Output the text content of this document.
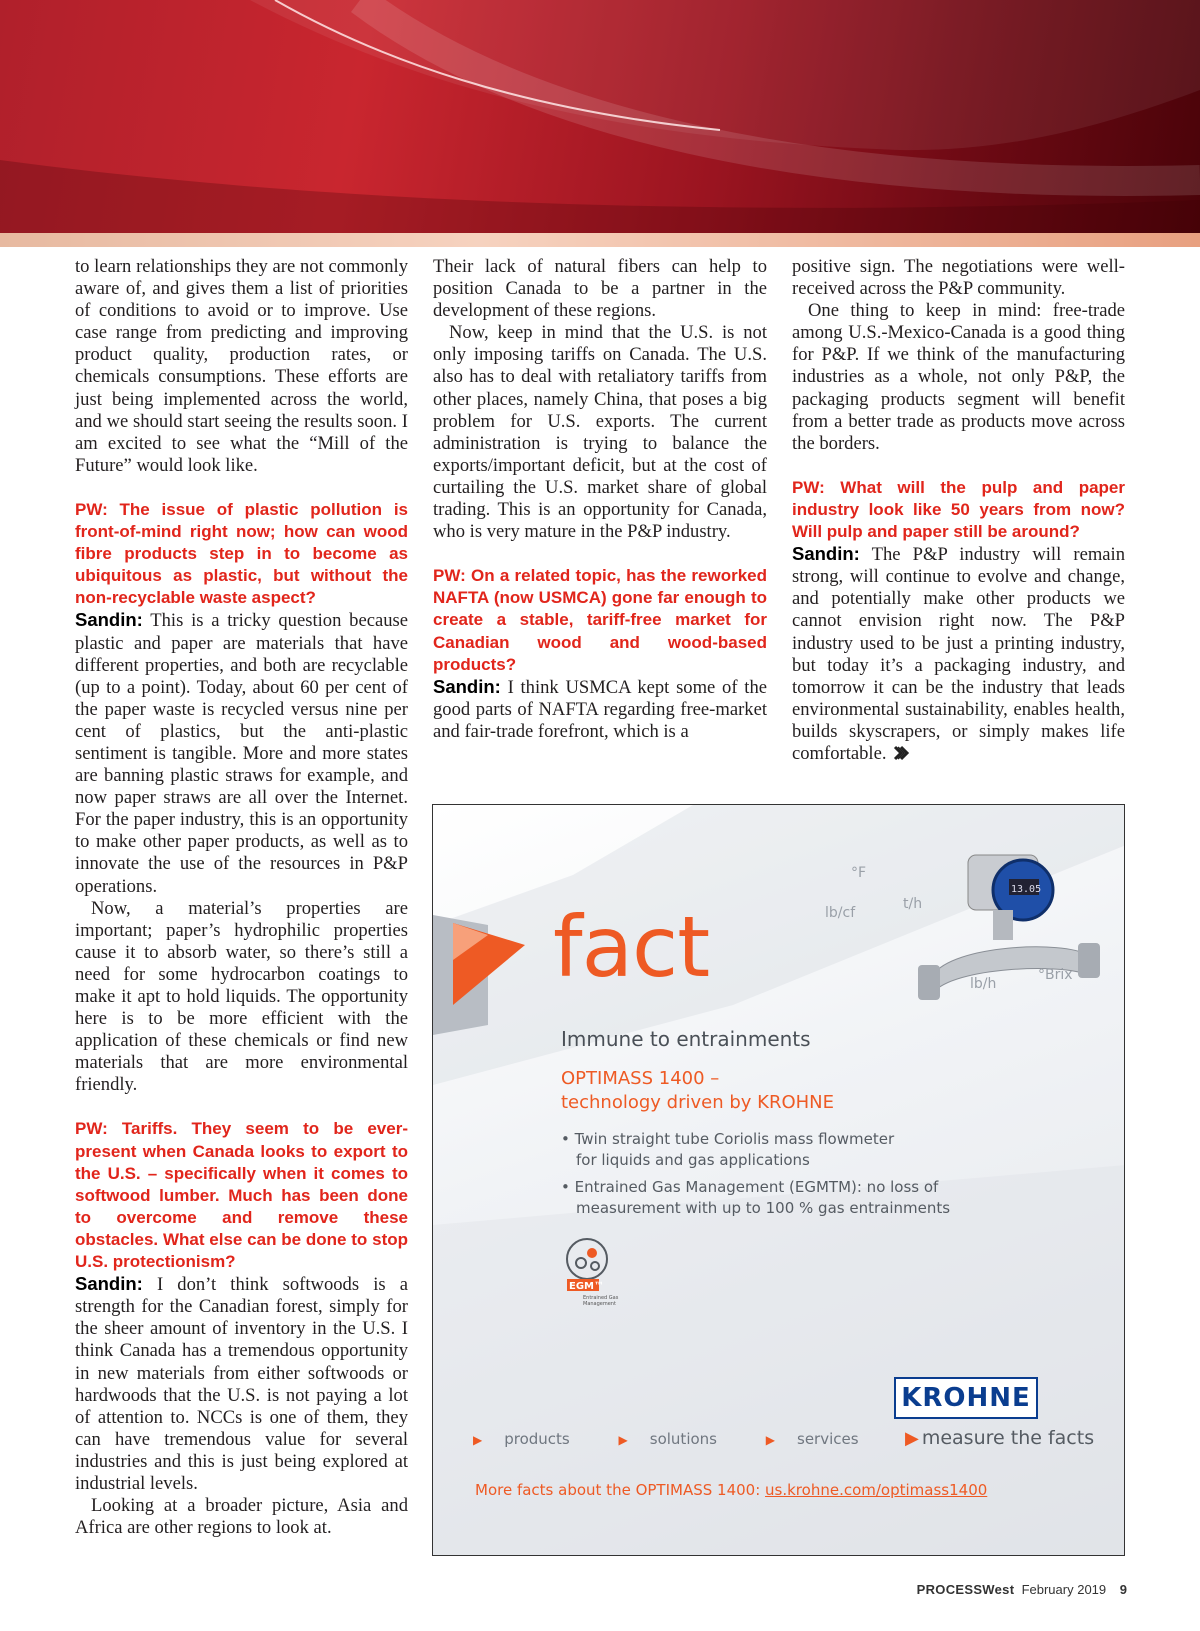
to learn relationships they are not commonly aware of, and gives them a list of priorities of conditions to avoid or to improve. Use case range from predicting and improving product quality, production rates, or chemicals consumptions. These efforts are just being implemented across the world, and we should start seeing the results soon. I am excited to see what the “Mill of the Future” would look like.

PW: The issue of plastic pollution is front-of-mind right now; how can wood fibre products step in to become as ubiquitous as plastic, but without the non-recyclable waste aspect?

Sandin: This is a tricky question because plastic and paper are materials that have different properties, and both are recyclable (up to a point). Today, about 60 per cent of the paper waste is recycled versus nine per cent of plastics, but the anti-plastic sentiment is tangible. More and more states are banning plastic straws for example, and now paper straws are all over the Internet. For the paper industry, this is an opportunity to make other paper products, as well as to innovate the use of the resources in P&P operations.

Now, a material’s properties are important; paper’s hydrophilic properties cause it to absorb water, so there’s still a need for some hydrocarbon coatings to make it apt to hold liquids. The opportunity here is to be more efficient with the application of these chemicals or find new materials that are more environmental friendly.

PW: Tariffs. They seem to be ever-present when Canada looks to export to the U.S. – specifically when it comes to softwood lumber. Much has been done to overcome and remove these obstacles. What else can be done to stop U.S. protectionism?

Sandin: I don’t think softwoods is a strength for the Canadian forest, simply for the sheer amount of inventory in the U.S. I think Canada has a tremendous opportunity in new materials from either softwoods or hardwoods that the U.S. is not paying a lot of attention to. NCCs is one of them, they can have tremendous value for several industries and this is just being explored at industrial levels.

Looking at a broader picture, Asia and Africa are other regions to look at.

Their lack of natural fibers can help to position Canada to be a partner in the development of these regions.

Now, keep in mind that the U.S. is not only imposing tariffs on Canada. The U.S. also has to deal with retaliatory tariffs from other places, namely China, that poses a big problem for U.S. exports. The current administration is trying to balance the exports/important deficit, but at the cost of curtailing the U.S. market share of global trading. This is an opportunity for Canada, who is very mature in the P&P industry.

PW: On a related topic, has the reworked NAFTA (now USMCA) gone far enough to create a stable, tariff-free market for Canadian wood and wood-based products?

Sandin: I think USMCA kept some of the good parts of NAFTA regarding free-market and fair-trade forefront, which is a

positive sign. The negotiations were well-received across the P&P community.

One thing to keep in mind: free-trade among U.S.-Mexico-Canada is a good thing for P&P. If we think of the manufacturing industries as a whole, not only P&P, the packaging products segment will benefit from a better trade as products move across the borders.

PW: What will the pulp and paper industry look like 50 years from now? Will pulp and paper still be around?

Sandin: The P&P industry will remain strong, will continue to evolve and change, and potentially make other products we cannot envision right now. The P&P industry used to be just a printing industry, but today it’s a packaging industry, and tomorrow it can be the industry that leads environmental sustainability, enables health, builds skyscrapers, or simply makes life comfortable.

13.05
°F
lb/cf
t/h
lb/h
°Brix
fact
Immune to entrainments
OPTIMASS 1400 –
technology driven by KROHNE
• Twin straight tube Coriolis mass flowmeter for liquids and gas applications
• Entrained Gas Management (EGMTM): no loss of measurement with up to 100 % gas entrainments
EGM™
Entrained Gas
Management
KROHNE
▶ measure the facts
▶ products	▶ solutions	▶ services
More facts about the OPTIMASS 1400: us.krohne.com/optimass1400
PROCESSWest February 2019 9
